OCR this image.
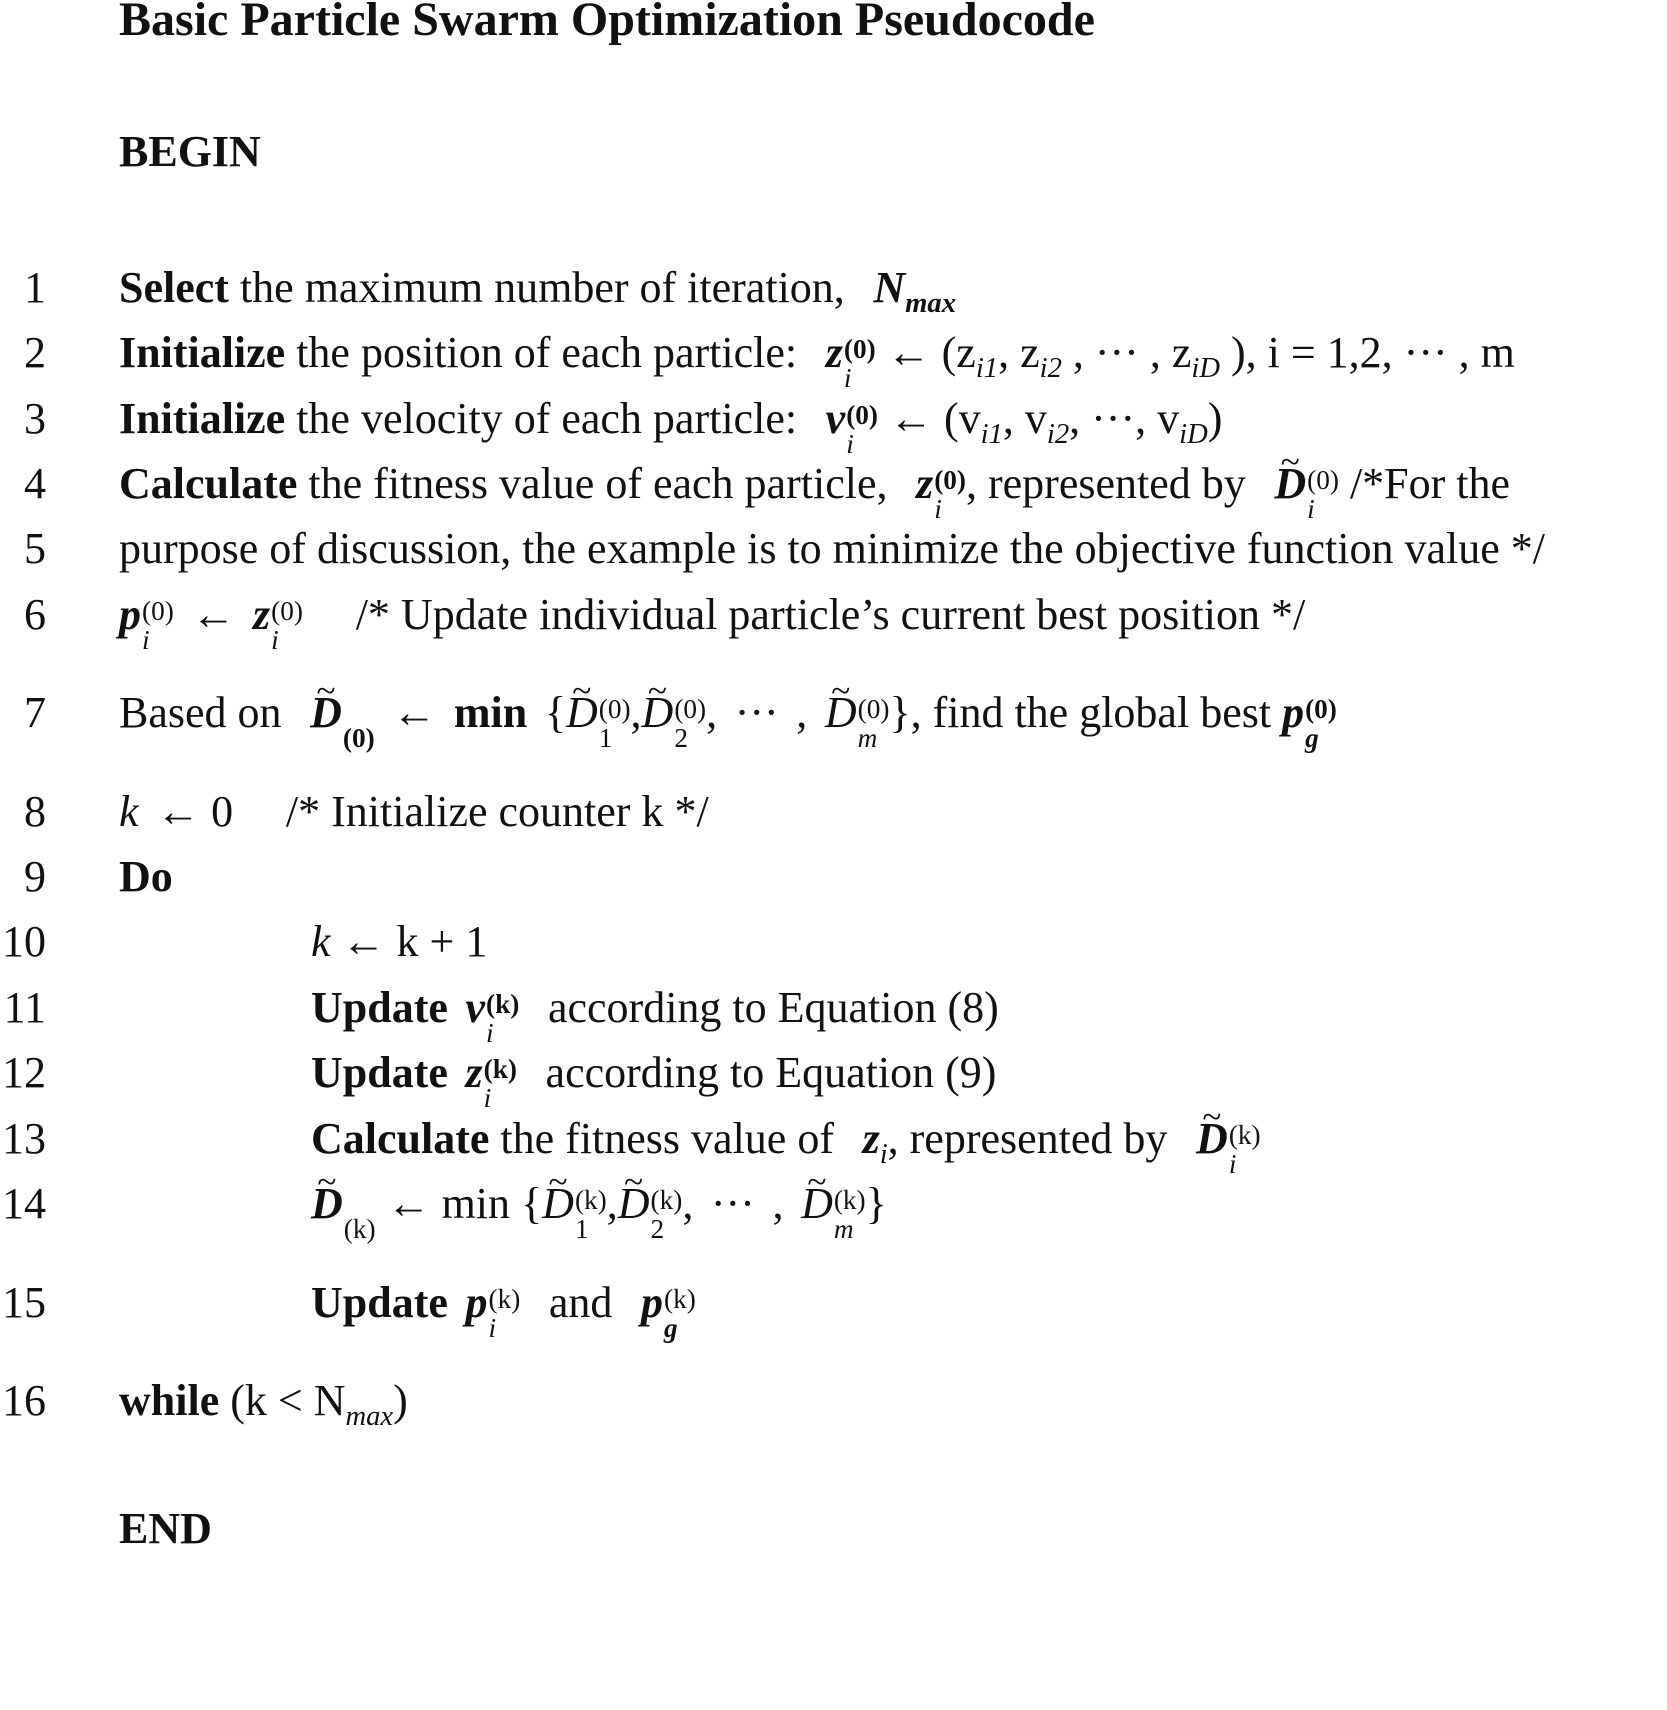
Basic Particle Swarm Optimization Pseudocode
BEGIN
1 Select the maximum number of iteration, $N_{max}$
2 Initialize the position of each particle: z (0)
i
← ($z_{i1}$, $z_{i2}$ , ··· , $z_{iD}$ ), i = 1,2, ··· , m
3 Initialize the velocity of each particle: v (0)
i
← ($v_{i1}$, $v_{i2}$, ···, $v_{iD}$)
4 Calculate the fitness value of each particle, z (0)
i
, represented by ~ D (0)
i
/*For the
5 purpose of discussion, the example is to minimize the objective function value */
6 p (0)
i
← z (0)
i
/* Update individual particle’s current best position */
7 Based on ~ D
(0)
← min {~ D (0)
1
,~ D (0)
2
, ··· , ~ D (0)
m
}, find the global best p (0)
g
8 k ← 0 /* Initialize counter k */
9 Do
10	k ← k + 1
11	Update v (k)
i
according to Equation (8)
12	Update z (k)
i
according to Equation (9)
13	Calculate the fitness value of $z_i$, represented by ~ D (k)
i
14	~ D
(k)
← min {~ D (k)
1
,~ D (k)
2
, ··· , ~ D (k)
m
}
15	Update p (k)
i
and p (k)
g
16 while $(k < N_{max})$
END
